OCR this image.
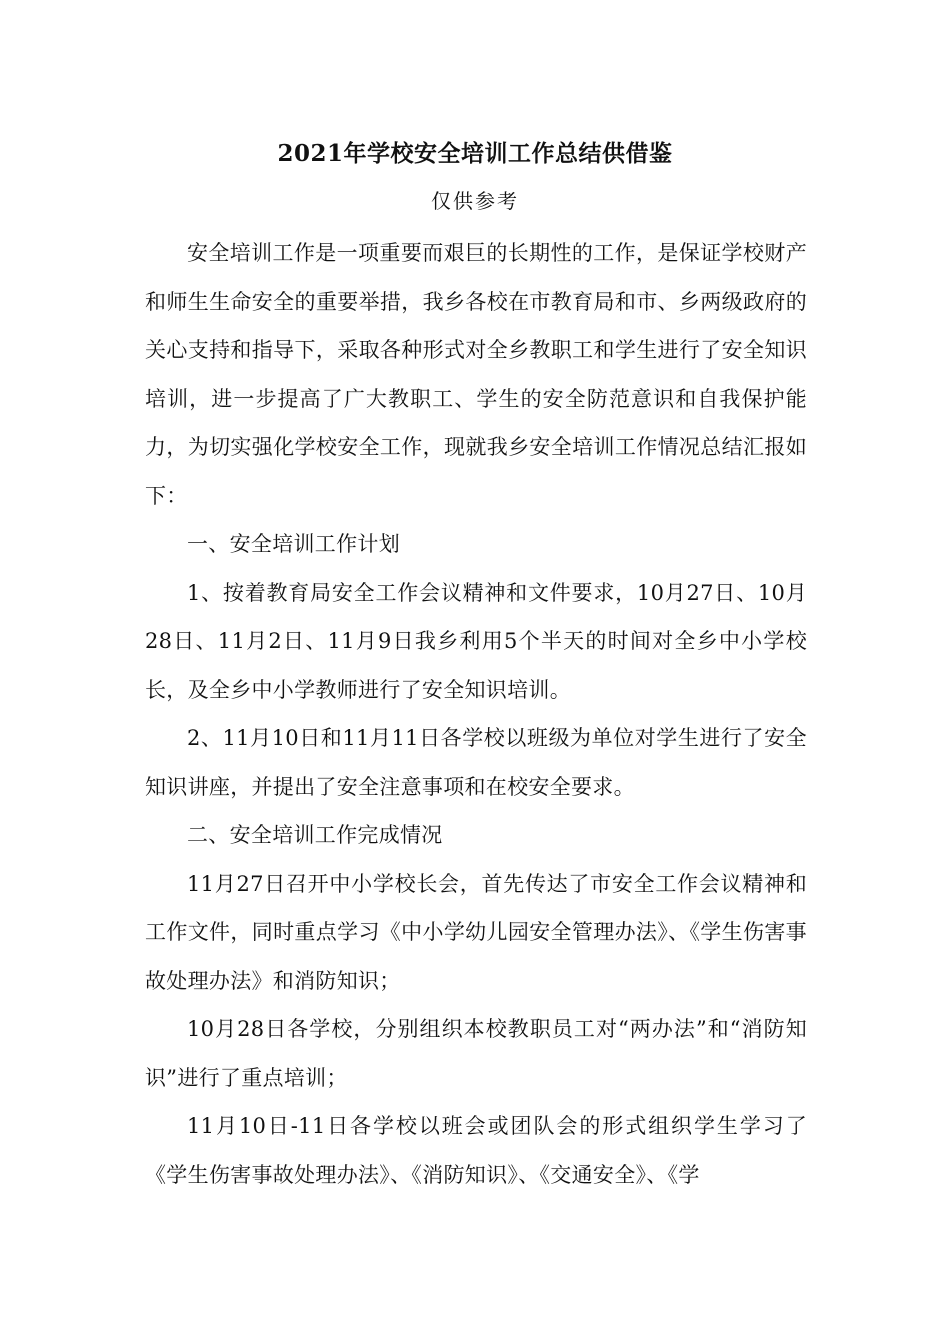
2021年学校安全培训工作总结供借鉴
仅供参考

安全培训工作是一项重要而艰巨的长期性的工作，是保证学校财产和师生生命安全的重要举措，我乡各校在市教育局和市、乡两级政府的关心支持和指导下，采取各种形式对全乡教职工和学生进行了安全知识培训，进一步提高了广大教职工、学生的安全防范意识和自我保护能力，为切实强化学校安全工作，现就我乡安全培训工作情况总结汇报如下：

一、安全培训工作计划

1、按着教育局安全工作会议精神和文件要求，10月27日、10月28日、11月2日、11月9日我乡利用5个半天的时间对全乡中小学校长，及全乡中小学教师进行了安全知识培训。

2、11月10日和11月11日各学校以班级为单位对学生进行了安全知识讲座，并提出了安全注意事项和在校安全要求。

二、安全培训工作完成情况

11月27日召开中小学校长会，首先传达了市安全工作会议精神和工作文件，同时重点学习《中小学幼儿园安全管理办法》、《学生伤害事故处理办法》和消防知识；

10月28日各学校，分别组织本校教职员工对“两办法”和“消防知识”进行了重点培训；

11月10日-11日各学校以班会或团队会的形式组织学生学习了《学生伤害事故处理办法》、《消防知识》、《交通安全》、《学
